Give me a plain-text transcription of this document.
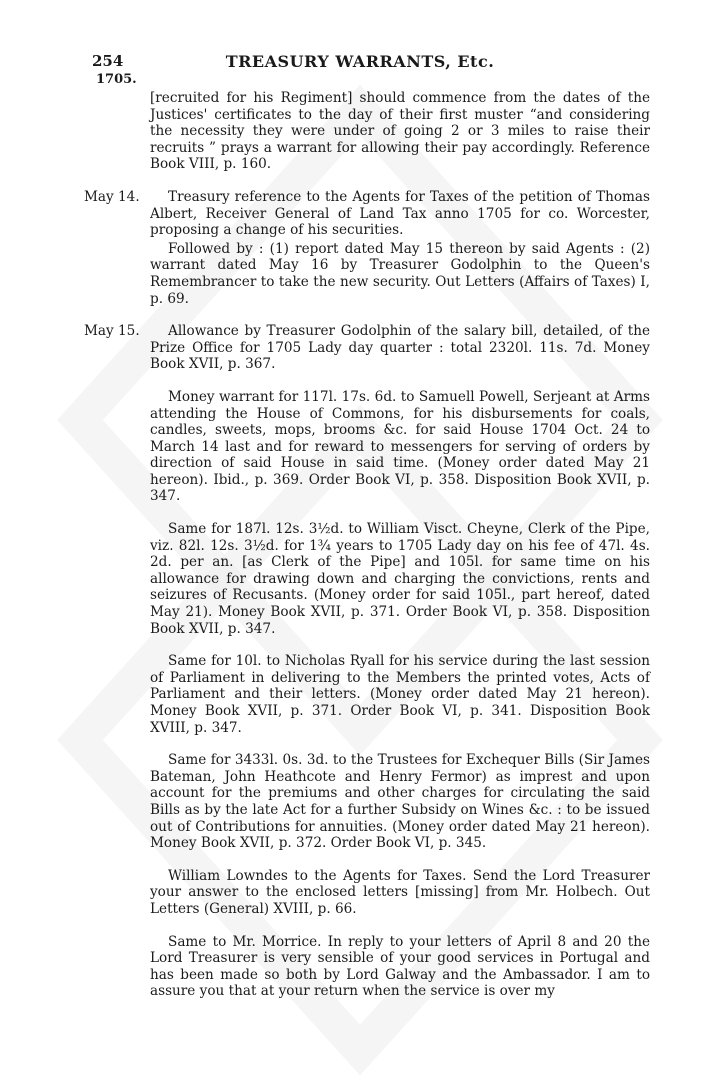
254	TREASURY WARRANTS, Etc.
1705.

[recruited for his Regiment] should commence from the dates of the Justices' certificates to the day of their first muster “and considering the necessity they were under of going 2 or 3 miles to raise their recruits ” prays a warrant for allowing their pay accordingly. Reference Book VIII, p. 160.

May 14.	Treasury reference to the Agents for Taxes of the petition of Thomas Albert, Receiver General of Land Tax anno 1705 for co. Worcester, proposing a change of his securities.

Followed by : (1) report dated May 15 thereon by said Agents : (2) warrant dated May 16 by Treasurer Godolphin to the Queen's Remembrancer to take the new security. Out Letters (Affairs of Taxes) I, p. 69.

May 15.	Allowance by Treasurer Godolphin of the salary bill, detailed, of the Prize Office for 1705 Lady day quarter : total 2320l. 11s. 7d. Money Book XVII, p. 367.

Money warrant for 117l. 17s. 6d. to Samuell Powell, Serjeant at Arms attending the House of Commons, for his disbursements for coals, candles, sweets, mops, brooms &c. for said House 1704 Oct. 24 to March 14 last and for reward to messengers for serving of orders by direction of said House in said time. (Money order dated May 21 hereon). Ibid., p. 369. Order Book VI, p. 358. Disposition Book XVII, p. 347.

Same for 187l. 12s. 3½d. to William Visct. Cheyne, Clerk of the Pipe, viz. 82l. 12s. 3½d. for 1¾ years to 1705 Lady day on his fee of 47l. 4s. 2d. per an. [as Clerk of the Pipe] and 105l. for same time on his allowance for drawing down and charging the convictions, rents and seizures of Recusants. (Money order for said 105l., part hereof, dated May 21). Money Book XVII, p. 371. Order Book VI, p. 358. Disposition Book XVII, p. 347.

Same for 10l. to Nicholas Ryall for his service during the last session of Parliament in delivering to the Members the printed votes, Acts of Parliament and their letters. (Money order dated May 21 hereon). Money Book XVII, p. 371. Order Book VI, p. 341. Disposition Book XVIII, p. 347.

Same for 3433l. 0s. 3d. to the Trustees for Exchequer Bills (Sir James Bateman, John Heathcote and Henry Fermor) as imprest and upon account for the premiums and other charges for circulating the said Bills as by the late Act for a further Subsidy on Wines &c. : to be issued out of Contributions for annuities. (Money order dated May 21 hereon). Money Book XVII, p. 372. Order Book VI, p. 345.

William Lowndes to the Agents for Taxes. Send the Lord Treasurer your answer to the enclosed letters [missing] from Mr. Holbech. Out Letters (General) XVIII, p. 66.

Same to Mr. Morrice. In reply to your letters of April 8 and 20 the Lord Treasurer is very sensible of your good services in Portugal and has been made so both by Lord Galway and the Ambassador. I am to assure you that at your return when the service is over my
